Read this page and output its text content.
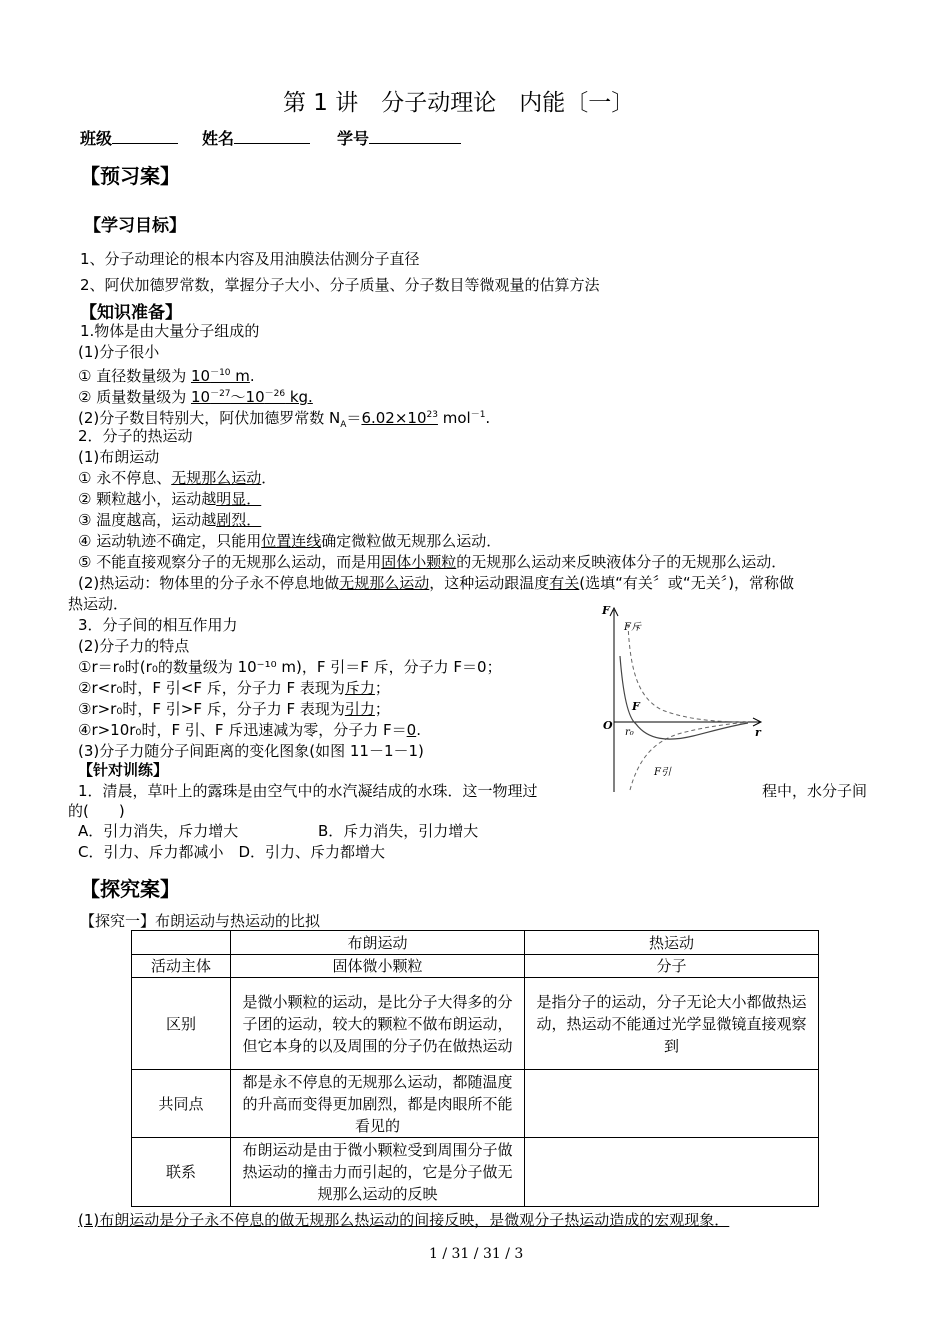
第 1 讲　分子动理论　内能〔一〕
班级	姓名	学号
【预习案】
【学习目标】
1、分子动理论的根本内容及用油膜法估测分子直径
2、阿伏加德罗常数，掌握分子大小、分子质量、分子数目等微观量的估算方法
【知识准备】
1.物体是由大量分子组成的
(1)分子很小
① 直径数量级为 $10^{-10}$ m.
② 质量数量级为 $10^{-27}\sim 10^{-26}$ kg.
(2)分子数目特别大，阿伏加德罗常数 $N_A=6.02\times 10^{23}$ mol$^{-1}$.
2．分子的热运动
(1)布朗运动
① 永不停息、无规那么运动．
② 颗粒越小，运动越明显．
③ 温度越高，运动越剧烈．
④ 运动轨迹不确定，只能用位置连线确定微粒做无规那么运动．
⑤ 不能直接观察分子的无规那么运动，而是用固体小颗粒的无规那么运动来反映液体分子的无规那么运动．
(2)热运动：物体里的分子永不停息地做无规那么运动，这种运动跟温度有关(选填“有关〞或“无关〞)，常称做
热运动．
3．分子间的相互作用力
(2)分子力的特点
①r＝r₀时(r₀的数量级为 10⁻¹⁰ m)，F 引＝F 斥，分子力 F＝0；
②r<r₀时，F 引<F 斥，分子力 F 表现为斥力；
③r>r₀时，F 引>F 斥，分子力 F 表现为引力；
④r>10r₀时，F 引、F 斥迅速减为零，分子力 F＝0.
(3)分子力随分子间距离的变化图象(如图 11－1－1)
【针对训练】
1．清晨，草叶上的露珠是由空气中的水汽凝结成的水珠．这一物理过	程中，水分子间
的(　　)
A．引力消失，斥力增大	B．斥力消失，引力增大
C．引力、斥力都减小　D．引力、斥力都增大
F
F斥
F
O
r₀	r
F引
【探究案】
【探究一】布朗运动与热运动的比拟
	布朗运动	热运动
活动主体	固体微小颗粒	分子
区别	是微小颗粒的运动，是比分子大得多的分子团的运动，较大的颗粒不做布朗运动，但它本身的以及周围的分子仍在做热运动	是指分子的运动，分子无论大小都做热运动，热运动不能通过光学显微镜直接观察到
共同点	都是永不停息的无规那么运动，都随温度的升高而变得更加剧烈，都是肉眼所不能看见的	
联系	布朗运动是由于微小颗粒受到周围分子做热运动的撞击力而引起的，它是分子做无规那么运动的反映	
(1)布朗运动是分子永不停息的做无规那么热运动的间接反映，是微观分子热运动造成的宏观现象．
1 / 31 / 31 / 3
